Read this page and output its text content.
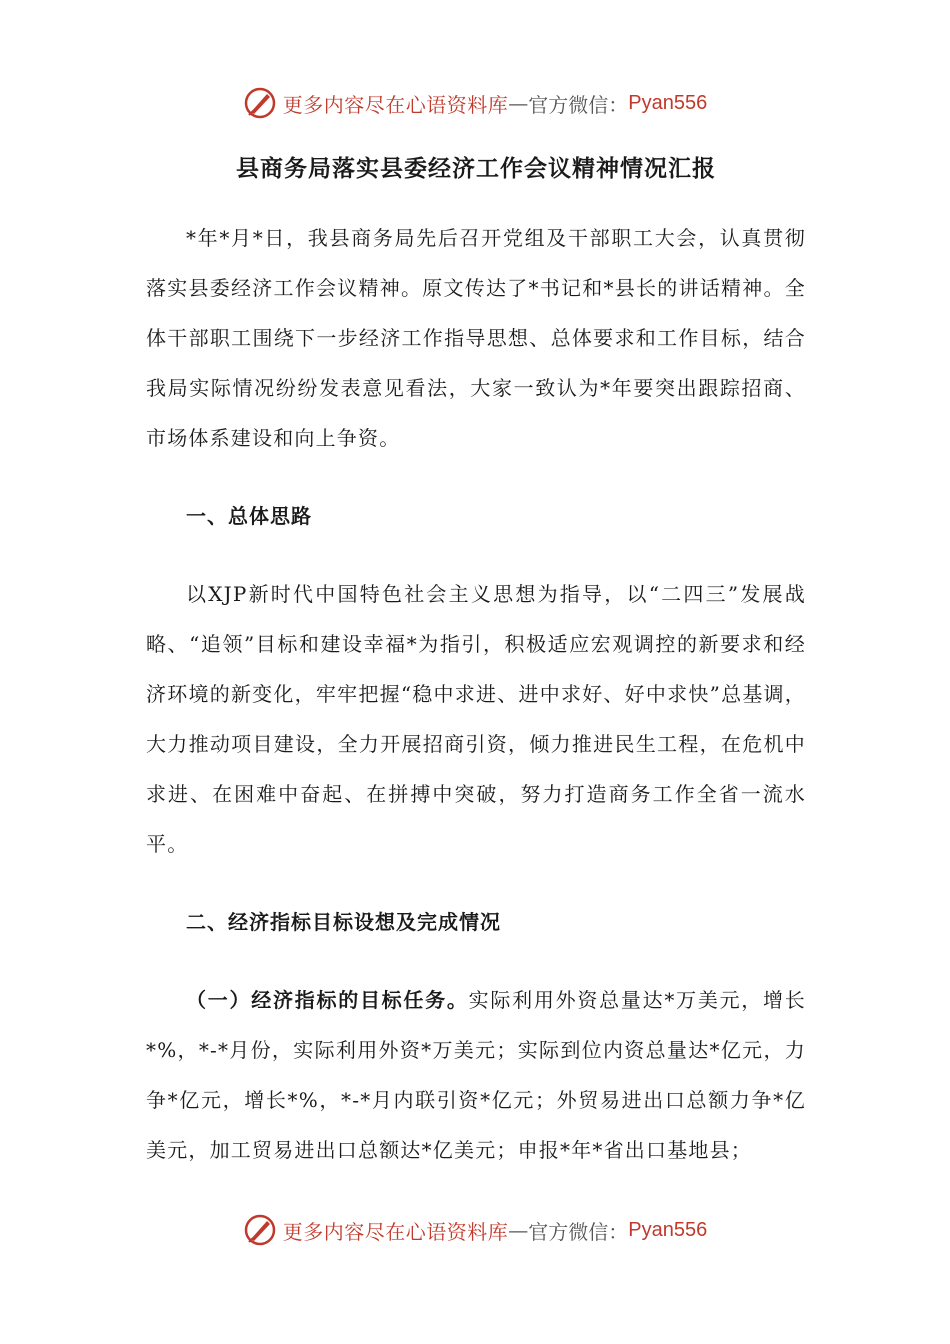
更多内容尽在心语资料库 — 官方微信： Pyan556
县商务局落实县委经济工作会议精神情况汇报

*年*月*日，我县商务局先后召开党组及干部职工大会，认真贯彻落实县委经济工作会议精神。原文传达了*书记和*县长的讲话精神。全体干部职工围绕下一步经济工作指导思想、总体要求和工作目标，结合我局实际情况纷纷发表意见看法，大家一致认为*年要突出跟踪招商、市场体系建设和向上争资。

一、总体思路

以XJP新时代中国特色社会主义思想为指导，以“二四三”发展战略、“追领”目标和建设幸福*为指引，积极适应宏观调控的新要求和经济环境的新变化，牢牢把握“稳中求进、进中求好、好中求快”总基调，大力推动项目建设，全力开展招商引资，倾力推进民生工程，在危机中求进、在困难中奋起、在拼搏中突破，努力打造商务工作全省一流水平。

二、经济指标目标设想及完成情况

（一）经济指标的目标任务。实际利用外资总量达*万美元，增长*%，*-*月份，实际利用外资*万美元；实际到位内资总量达*亿元，力争*亿元，增长*%，*-*月内联引资*亿元；外贸易进出口总额力争*亿美元，加工贸易进出口总额达*亿美元；申报*年*省出口基地县；

更多内容尽在心语资料库 — 官方微信： Pyan556
